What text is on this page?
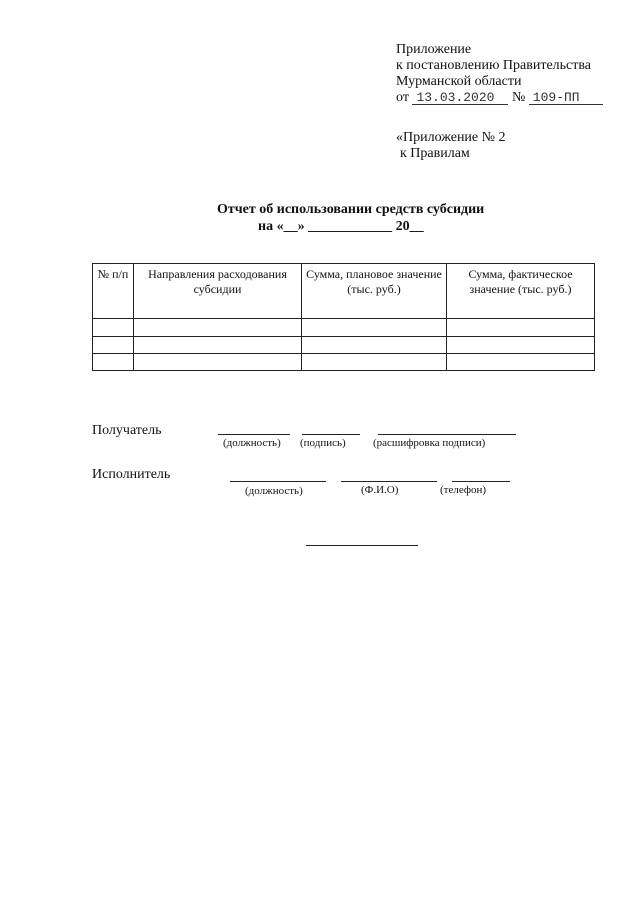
Приложение
к постановлению Правительства
Мурманской области
от 13.03.2020 № 109-ПП
«Приложение № 2
к Правилам
Отчет об использовании средств субсидии
на «__» ____________ 20__
№ п/п	Направления расходования субсидии	Сумма, плановое значение (тыс. руб.)	Сумма, фактическое значение (тыс. руб.)

Получатель
(должность) (подпись) (расшифровка подписи)
Исполнитель
(должность)	(Ф.И.О)	(телефон)
